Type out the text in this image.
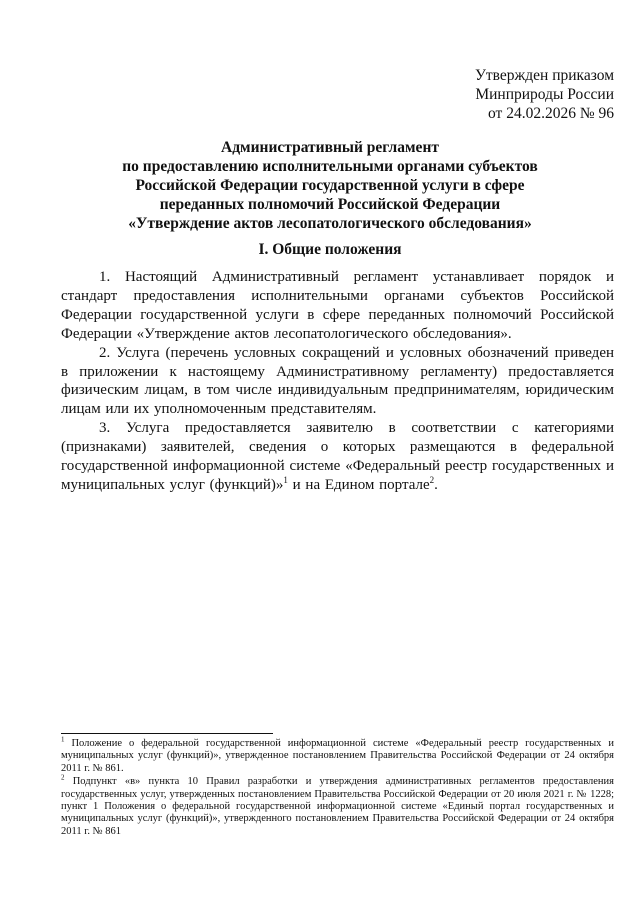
Утвержден приказом
Минприроды России
от 24.02.2026 № 96
Административный регламент
по предоставлению исполнительными органами субъектов
Российской Федерации государственной услуги в сфере
переданных полномочий Российской Федерации
«Утверждение актов лесопатологического обследования»
I. Общие положения

1. Настоящий Административный регламент устанавливает порядок и стандарт предоставления исполнительными органами субъектов Российской Федерации государственной услуги в сфере переданных полномочий Российской Федерации «Утверждение актов лесопатологического обследования».

2. Услуга (перечень условных сокращений и условных обозначений приведен в приложении к настоящему Административному регламенту) предоставляется физическим лицам, в том числе индивидуальным предпринимателям, юридическим лицам или их уполномоченным представителям.

3. Услуга предоставляется заявителю в соответствии с категориями (признаками) заявителей, сведения о которых размещаются в федеральной государственной информационной системе «Федеральный реестр государственных и муниципальных услуг (функций)»$^1$ и на Едином портале$^2$.

$^1$ Положение о федеральной государственной информационной системе «Федеральный реестр государственных и муниципальных услуг (функций)», утвержденное постановлением Правительства Российской Федерации от 24 октября 2011 г. № 861.

$^2$ Подпункт «в» пункта 10 Правил разработки и утверждения административных регламентов предоставления государственных услуг, утвержденных постановлением Правительства Российской Федерации от 20 июля 2021 г. № 1228; пункт 1 Положения о федеральной государственной информационной системе «Единый портал государственных и муниципальных услуг (функций)», утвержденного постановлением Правительства Российской Федерации от 24 октября 2011 г. № 861
